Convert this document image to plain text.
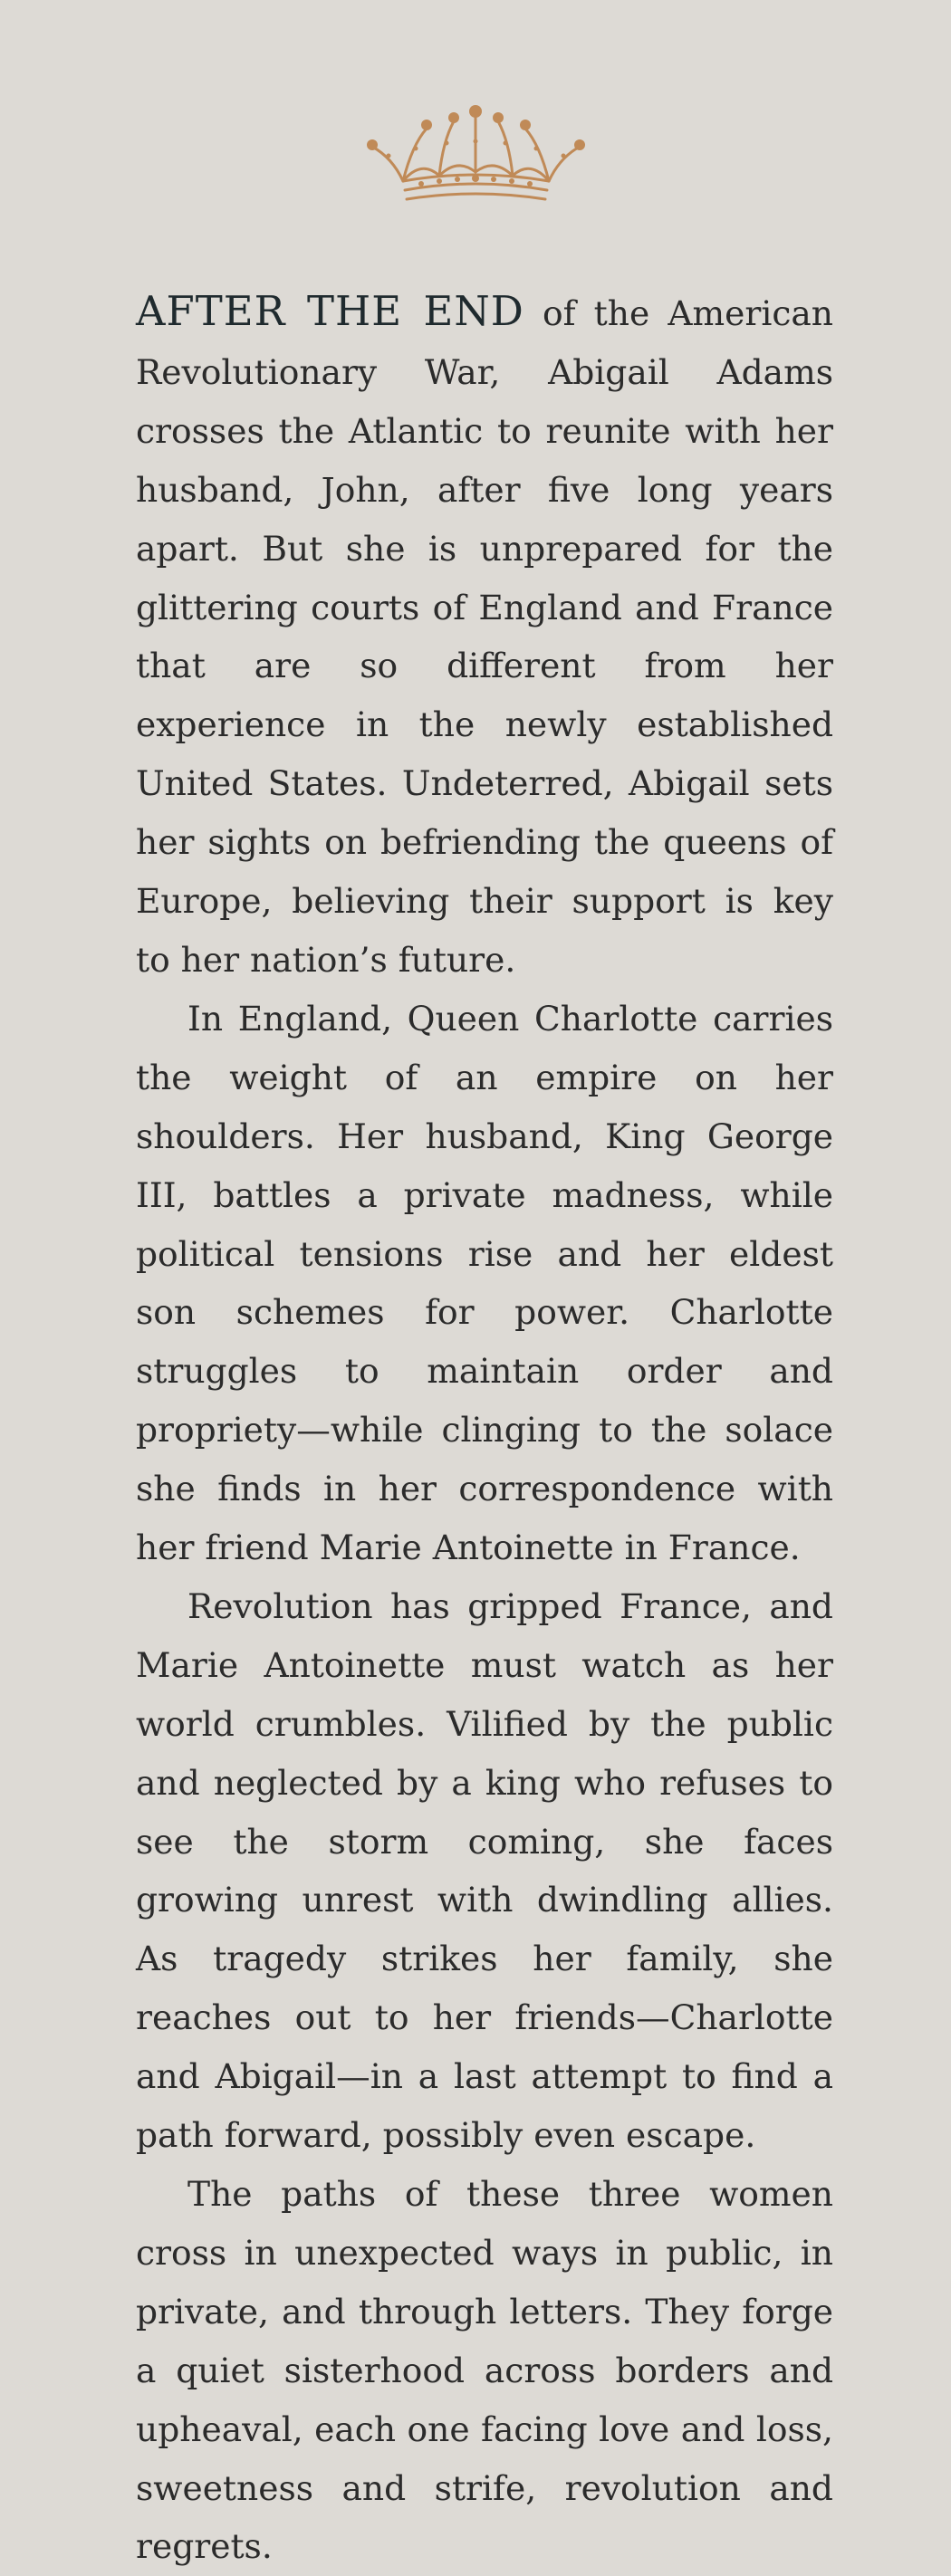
AFTER THE END of the American Revolutionary War, Abigail Adams crosses the Atlantic to reunite with her husband, John, after five long years apart. But she is unprepared for the glittering courts of England and France that are so different from her experience in the newly established United States. Undeterred, Abigail sets her sights on befriending the queens of Europe, believing their support is key to her nation’s future.

In England, Queen Charlotte carries the weight of an empire on her shoulders. Her husband, King George III, battles a private madness, while political tensions rise and her eldest son schemes for power. Charlotte struggles to maintain order and propriety—while clinging to the solace she finds in her correspondence with her friend Marie Antoinette in France.

Revolution has gripped France, and Marie Antoinette must watch as her world crumbles. Vilified by the public and neglected by a king who refuses to see the storm coming, she faces growing unrest with dwindling allies. As tragedy strikes her family, she reaches out to her friends—Charlotte and Abigail—in a last attempt to find a path forward, possibly even escape.

The paths of these three women cross in unexpected ways in public, in private, and through letters. They forge a quiet sisterhood across borders and upheaval, each one facing love and loss, sweetness and strife, revolution and regrets.
